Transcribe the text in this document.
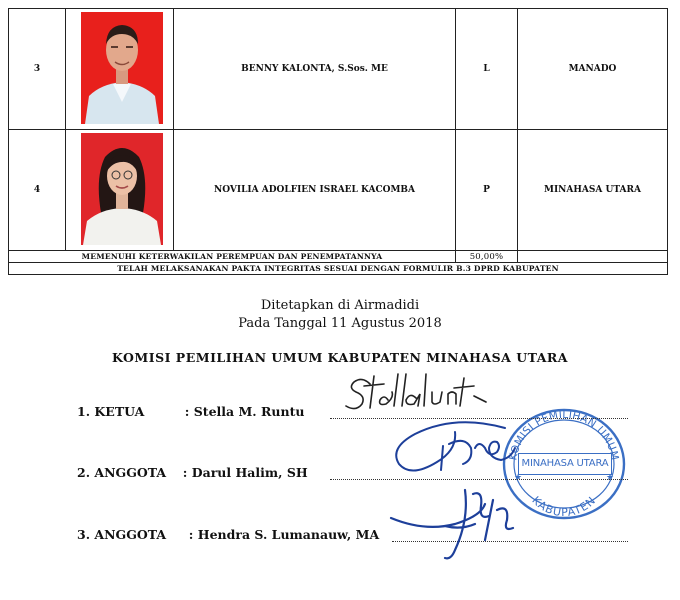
3		BENNY KALONTA, S.Sos. ME	L	MANADO
4		NOVILIA ADOLFIEN ISRAEL KACOMBA	P	MINAHASA UTARA
MEMENUHI KETERWAKILAN PEREMPUAN DAN PENEMPATANNYA			50,00%	
TELAH MELAKSANAKAN PAKTA INTEGRITAS SESUAI DENGAN FORMULIR B.3 DPRD KABUPATEN				
Ditetapkan di Airmadidi
Pada Tanggal 11 Agustus 2018
KOMISI PEMILIHAN UMUM KABUPATEN MINAHASA UTARA
KOMISI PEMILIHAN UMUM
KABUPATEN
★	★
MINAHASA UTARA
1. KETUA	: Stella M. Runtu
2. ANGGOTA : Darul Halim, SH
3. ANGGOTA : Hendra S. Lumanauw, MA
